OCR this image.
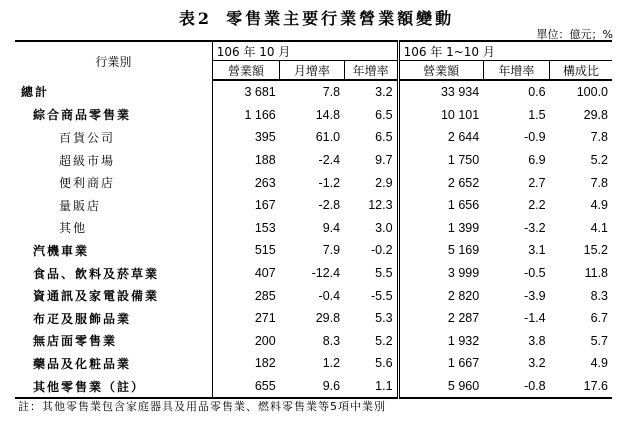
表2 零售業主要行業營業額變動
單位：億元；%
行業別	106 年 10 月			106 年 1~10 月		
	營業額	月增率	年增率	營業額	年增率	構成比
總計	3 681	7.8	3.2	33 934	0.6	100.0
綜合商品零售業	1 166	14.8	6.5	10 101	1.5	29.8
百貨公司	395	61.0	6.5	2 644	-0.9	7.8
超級市場	188	-2.4	9.7	1 750	6.9	5.2
便利商店	263	-1.2	2.9	2 652	2.7	7.8
量販店	167	-2.8	12.3	1 656	2.2	4.9
其他	153	9.4	3.0	1 399	-3.2	4.1
汽機車業	515	7.9	-0.2	5 169	3.1	15.2
食品、飲料及菸草業	407	-12.4	5.5	3 999	-0.5	11.8
資通訊及家電設備業	285	-0.4	-5.5	2 820	-3.9	8.3
布疋及服飾品業	271	29.8	5.3	2 287	-1.4	6.7
無店面零售業	200	8.3	5.2	1 932	3.8	5.7
藥品及化粧品業	182	1.2	5.6	1 667	3.2	4.9
其他零售業（註）	655	9.6	1.1	5 960	-0.8	17.6
註：其他零售業包含家庭器具及用品零售業、燃料零售業等5項中業別
